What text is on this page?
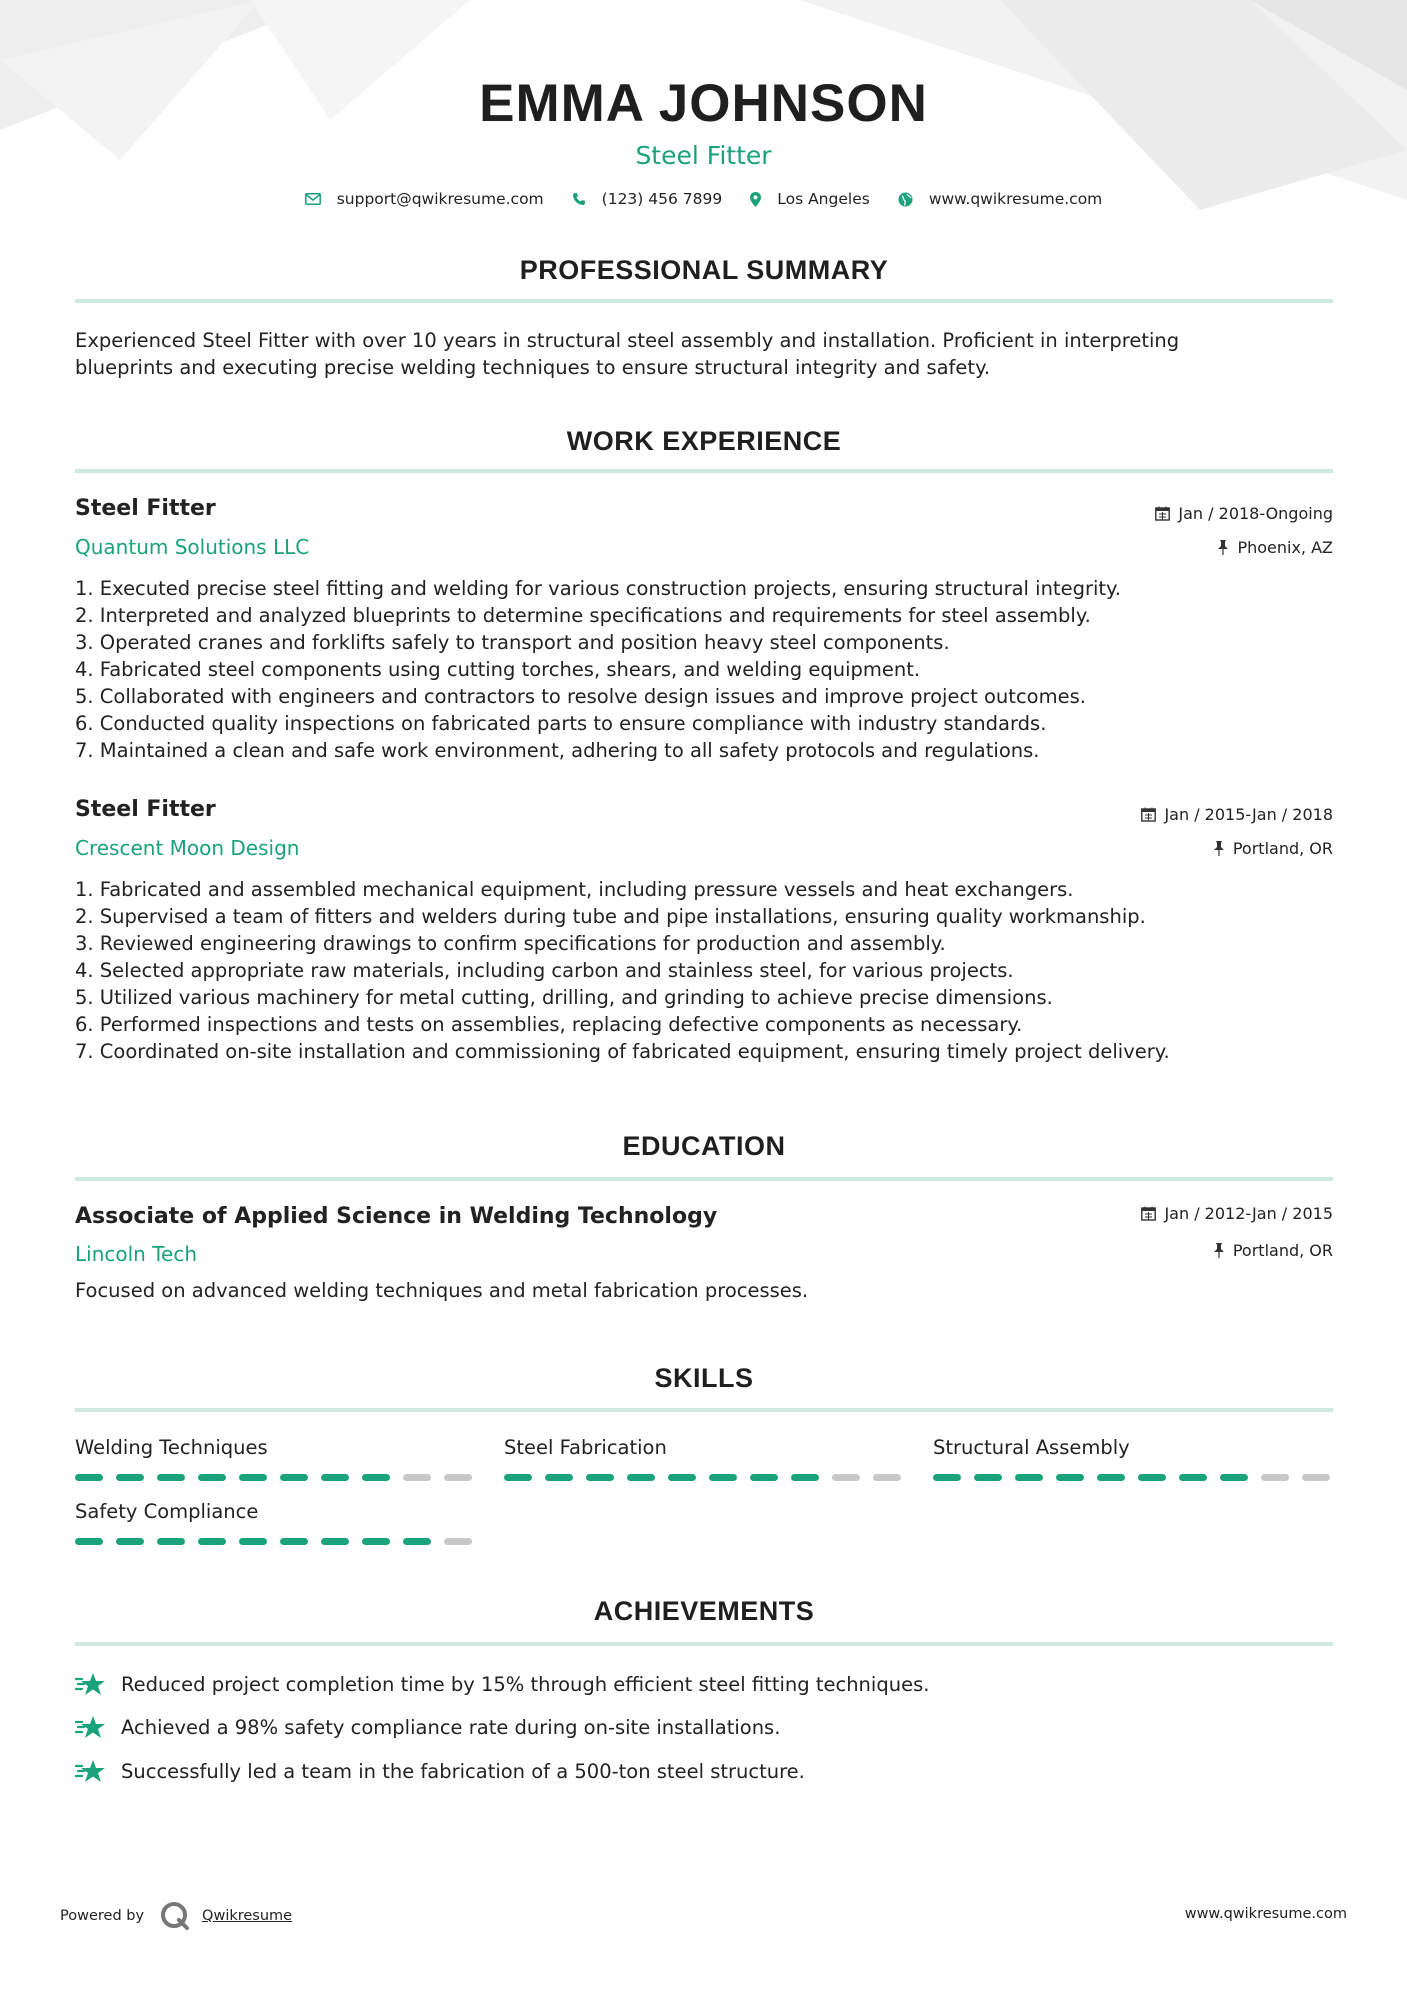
EMMA JOHNSON
Steel Fitter
support@qwikresume.com	(123) 456 7899	Los Angeles	www.qwikresume.com
PROFESSIONAL SUMMARY
Experienced Steel Fitter with over 10 years in structural steel assembly and installation. Proficient in interpreting
blueprints and executing precise welding techniques to ensure structural integrity and safety.
WORK EXPERIENCE
Steel Fitter	Jan / 2018-Ongoing
Quantum Solutions LLC	Phoenix, AZ
1. Executed precise steel fitting and welding for various construction projects, ensuring structural integrity.
2. Interpreted and analyzed blueprints to determine specifications and requirements for steel assembly.
3. Operated cranes and forklifts safely to transport and position heavy steel components.
4. Fabricated steel components using cutting torches, shears, and welding equipment.
5. Collaborated with engineers and contractors to resolve design issues and improve project outcomes.
6. Conducted quality inspections on fabricated parts to ensure compliance with industry standards.
7. Maintained a clean and safe work environment, adhering to all safety protocols and regulations.
Steel Fitter	Jan / 2015-Jan / 2018
Crescent Moon Design	Portland, OR
1. Fabricated and assembled mechanical equipment, including pressure vessels and heat exchangers.
2. Supervised a team of fitters and welders during tube and pipe installations, ensuring quality workmanship.
3. Reviewed engineering drawings to confirm specifications for production and assembly.
4. Selected appropriate raw materials, including carbon and stainless steel, for various projects.
5. Utilized various machinery for metal cutting, drilling, and grinding to achieve precise dimensions.
6. Performed inspections and tests on assemblies, replacing defective components as necessary.
7. Coordinated on-site installation and commissioning of fabricated equipment, ensuring timely project delivery.
EDUCATION
Associate of Applied Science in Welding Technology	Jan / 2012-Jan / 2015
Lincoln Tech	Portland, OR
Focused on advanced welding techniques and metal fabrication processes.
SKILLS
Welding Techniques	Steel Fabrication	Structural Assembly
Safety Compliance
ACHIEVEMENTS
Reduced project completion time by 15% through efficient steel fitting techniques.
Achieved a 98% safety compliance rate during on-site installations.
Successfully led a team in the fabrication of a 500-ton steel structure.
Powered by	Qwikresume	www.qwikresume.com
